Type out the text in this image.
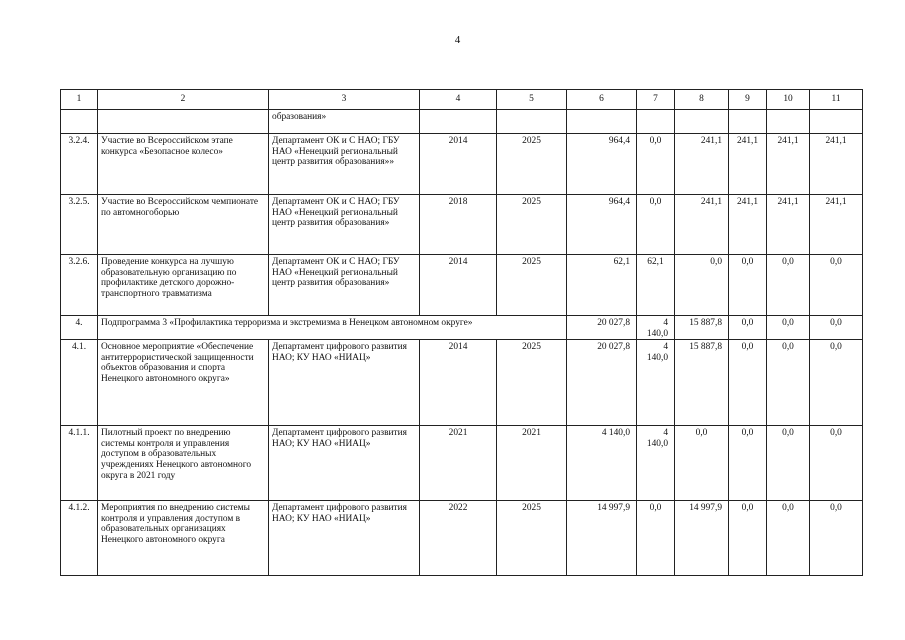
4
1	2	3	4	5	6	7	8	9	10	11
		образования»								
3.2.4.	Участие во Всероссийском этапе конкурса «Безопасное колесо»	Департамент ОК и С НАО; ГБУ НАО «Ненецкий региональный центр развития образования»»	2014	2025	964,4	0,0	241,1	241,1	241,1	241,1
3.2.5.	Участие во Всероссийском чемпионате по автомногоборью	Департамент ОК и С НАО; ГБУ НАО «Ненецкий региональный центр развития образования»	2018	2025	964,4	0,0	241,1	241,1	241,1	241,1
3.2.6.	Проведение конкурса на лучшую образовательную организацию по профилактике детского дорожно-транспортного травматизма	Департамент ОК и С НАО; ГБУ НАО «Ненецкий региональный центр развития образования»	2014	2025	62,1	62,1	0,0	0,0	0,0	0,0
4.	Подпрограмма 3 «Профилактика терроризма и экстремизма в Ненецком автономном округе»				20 027,8	4 140,0	15 887,8	0,0	0,0	0,0
4.1.	Основное мероприятие «Обеспечение антитеррористической защищенности объектов образования и спорта Ненецкого автономного округа»	Департамент цифрового развития НАО; КУ НАО «НИАЦ»	2014	2025	20 027,8	4 140,0	15 887,8	0,0	0,0	0,0
4.1.1.	Пилотный проект по внедрению системы контроля и управления доступом в образовательных учреждениях Ненецкого автономного округа в 2021 году	Департамент цифрового развития НАО; КУ НАО «НИАЦ»	2021	2021	4 140,0	4 140,0	0,0	0,0	0,0	0,0
4.1.2.	Мероприятия по внедрению системы контроля и управления доступом в образовательных организациях Ненецкого автономного округа	Департамент цифрового развития НАО; КУ НАО «НИАЦ»	2022	2025	14 997,9	0,0	14 997,9	0,0	0,0	0,0
